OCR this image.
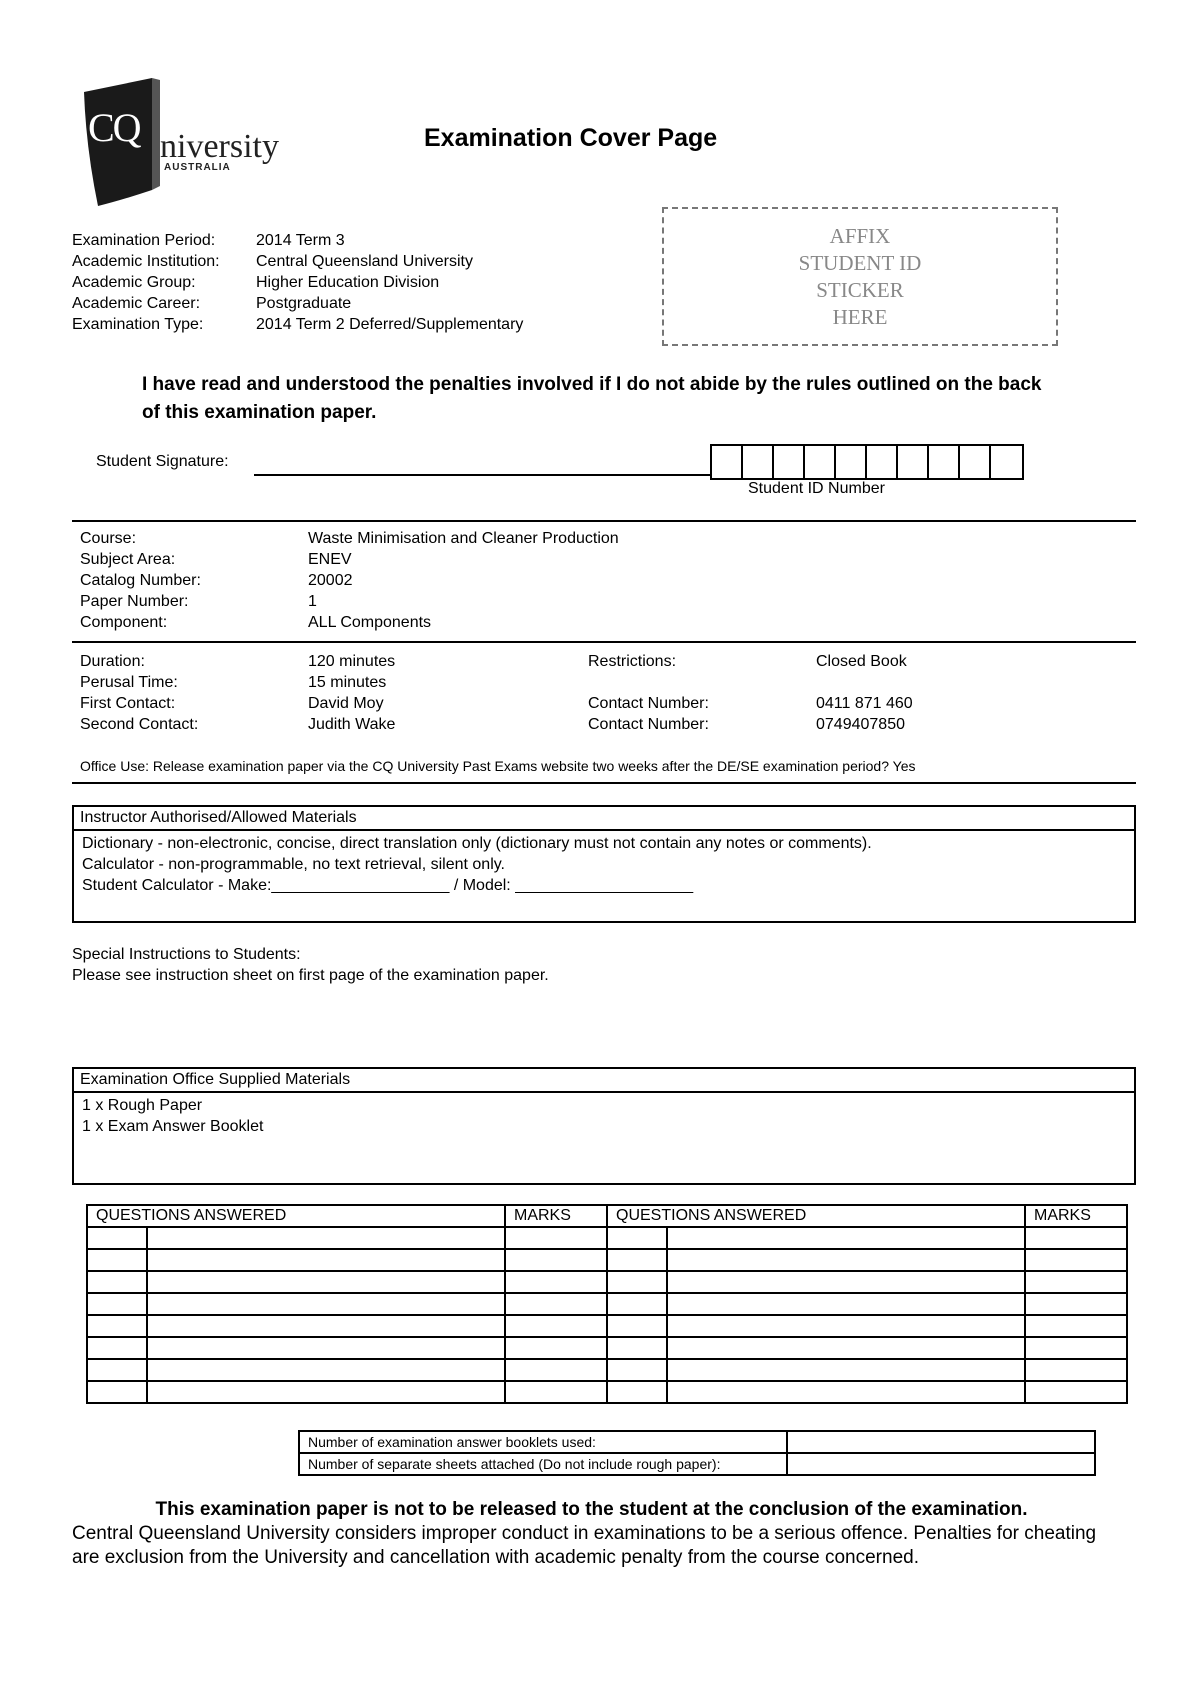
CQ niversity
AUSTRALIA
Examination Cover Page
Examination Period:	2014 Term 3
Academic Institution:	Central Queensland University
Academic Group:	Higher Education Division
Academic Career:	Postgraduate
Examination Type:	2014 Term 2 Deferred/Supplementary
AFFIX
STUDENT ID
STICKER
HERE
I have read and understood the penalties involved if I do not abide by the rules outlined on the back of this examination paper.
Student Signature:
Student ID Number
Course:	Waste Minimisation and Cleaner Production
Subject Area:	ENEV
Catalog Number:	20002
Paper Number:	1
Component:	ALL Components
Duration:	120 minutes	Restrictions:	Closed Book
Perusal Time:	15 minutes
First Contact:	David Moy	Contact Number:	0411 871 460
Second Contact:	Judith Wake	Contact Number:	0749407850
Office Use: Release examination paper via the CQ University Past Exams website two weeks after the DE/SE examination period? Yes
Instructor Authorised/Allowed Materials
Dictionary - non-electronic, concise, direct translation only (dictionary must not contain any notes or comments).
Calculator - non-programmable, no text retrieval, silent only.
Student Calculator - Make:____________________ / Model: ____________________
Special Instructions to Students:
Please see instruction sheet on first page of the examination paper.
Examination Office Supplied Materials
1 x Rough Paper
1 x Exam Answer Booklet
QUESTIONS ANSWERED		MARKS	QUESTIONS ANSWERED		MARKS

Number of examination answer booklets used:	
Number of separate sheets attached (Do not include rough paper):	
This examination paper is not to be released to the student at the conclusion of the examination.
Central Queensland University considers improper conduct in examinations to be a serious offence. Penalties for cheating are exclusion from the University and cancellation with academic penalty from the course concerned.
